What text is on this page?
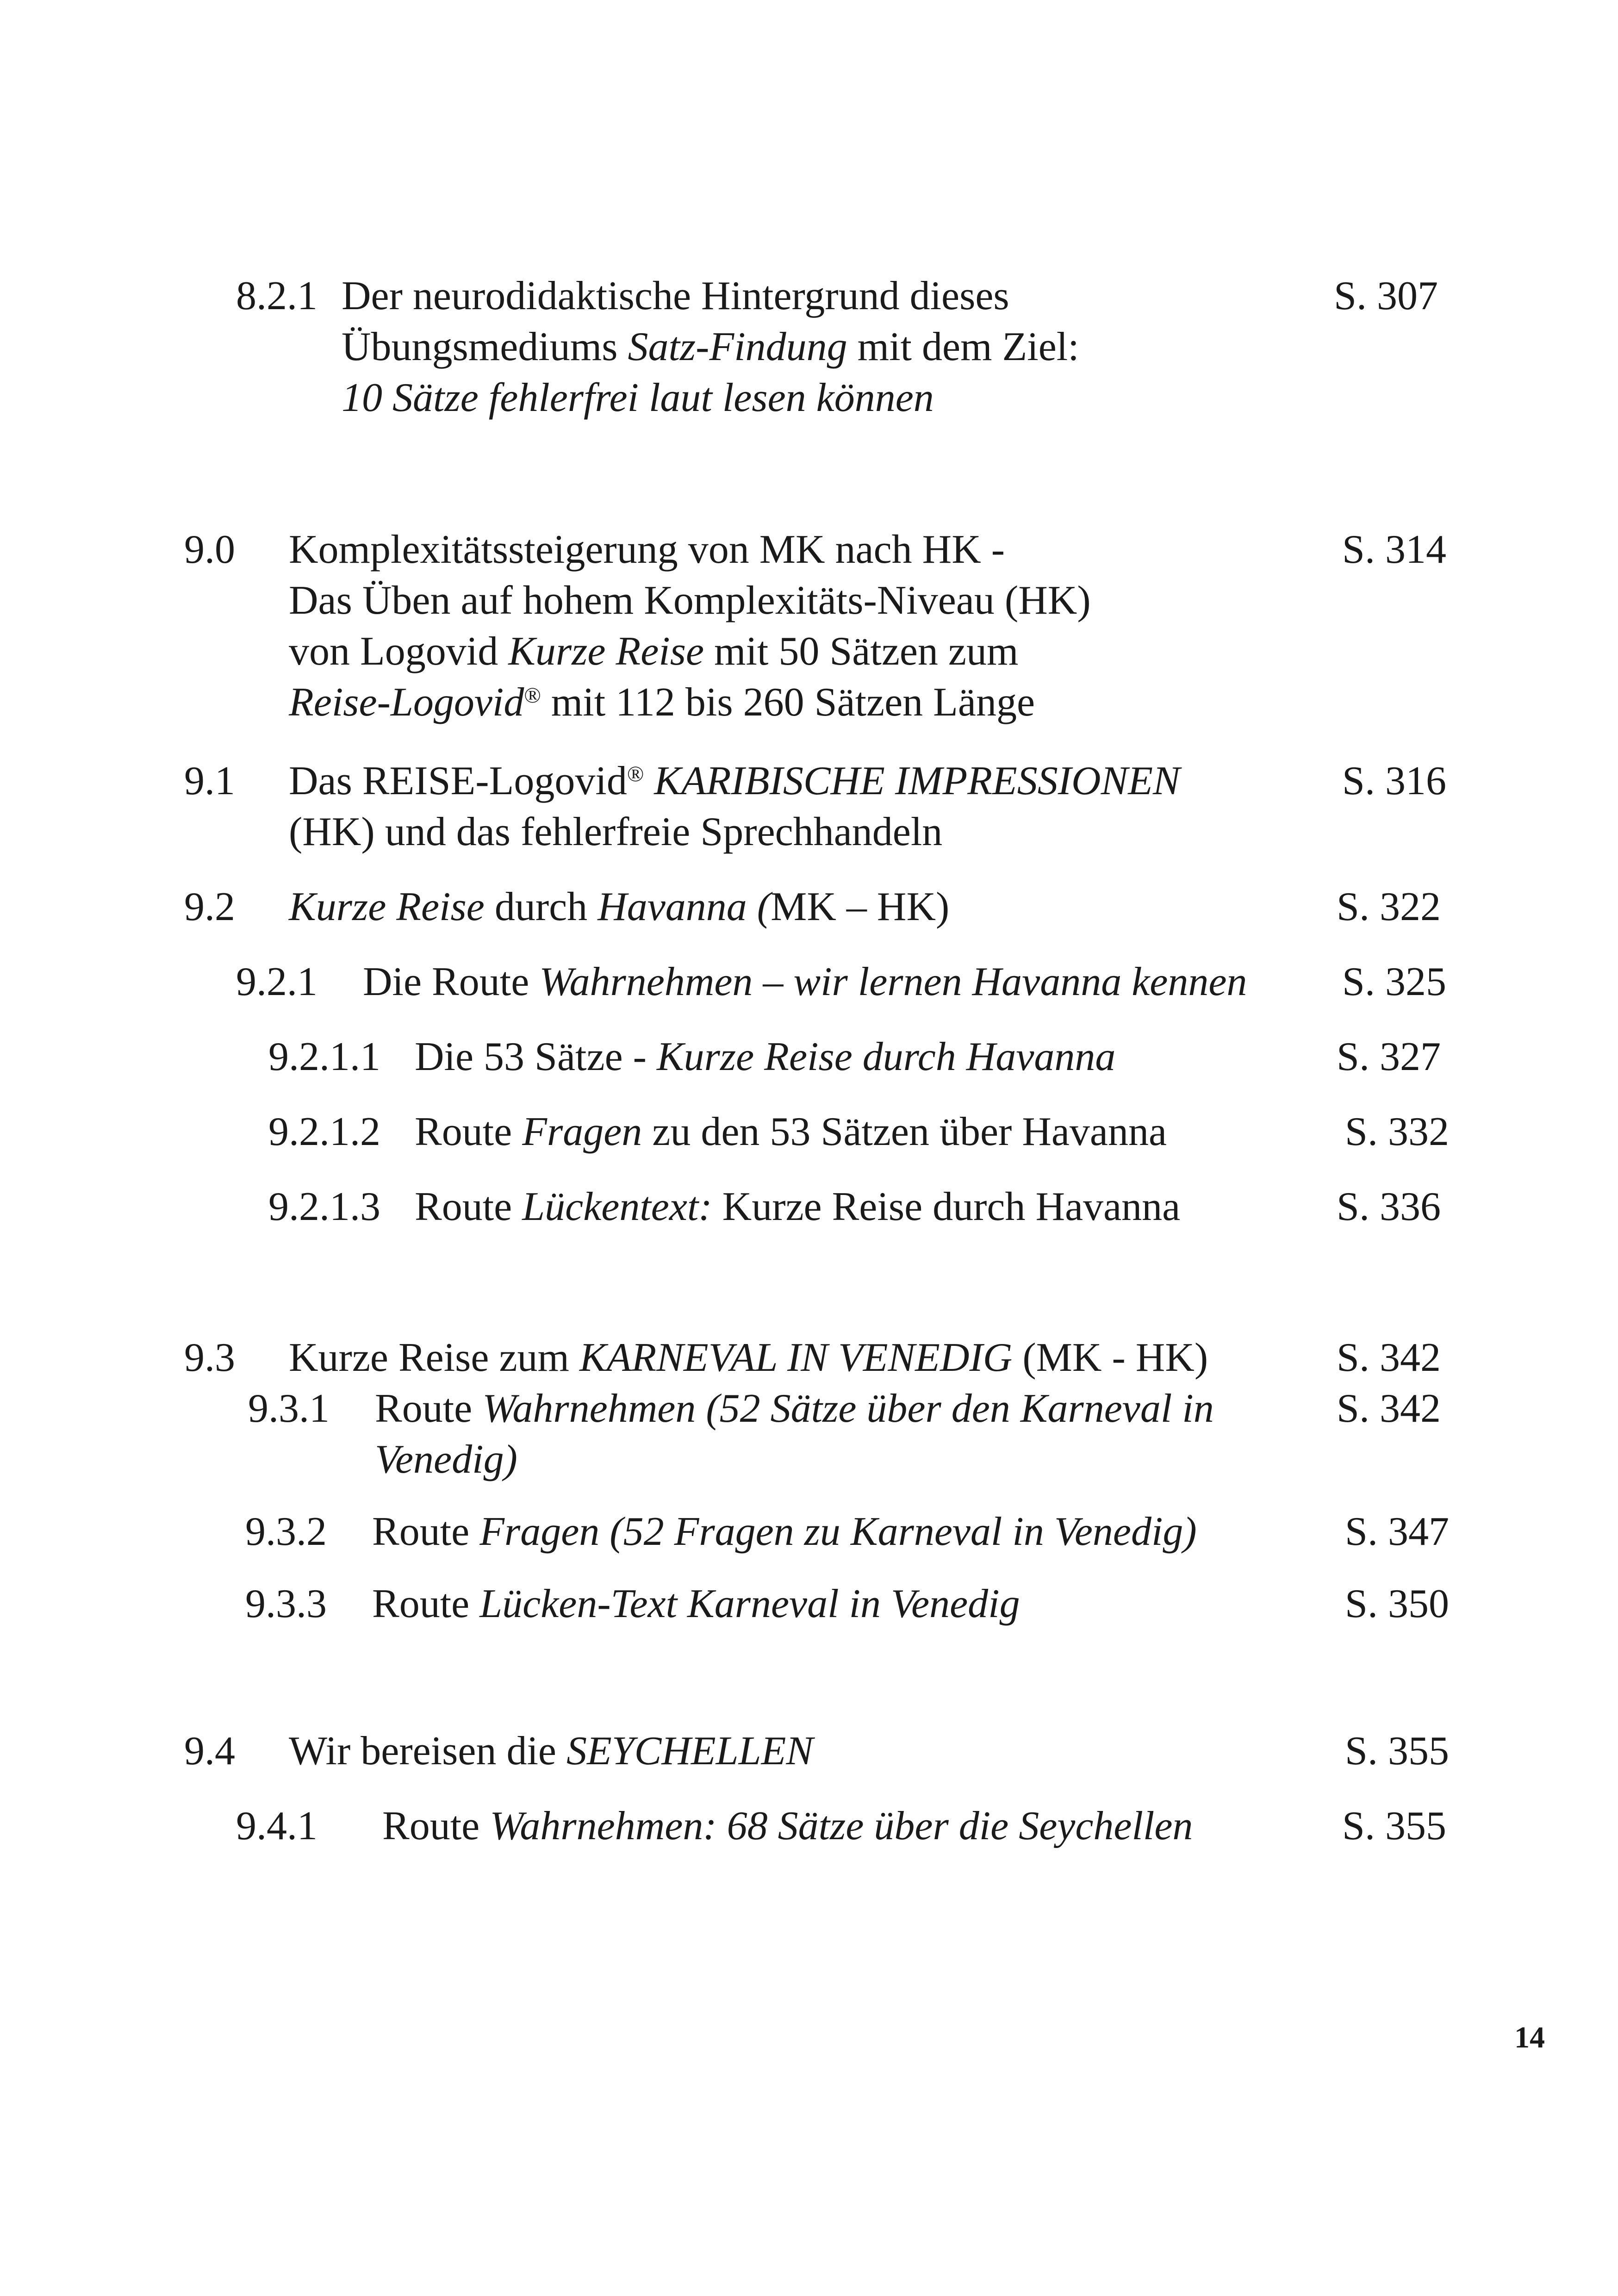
8.2.1 Der neurodidaktische Hintergrund dieses
Übungsmediums Satz-Findung mit dem Ziel:
10 Sätze fehlerfrei laut lesen können
S. 307
9.0 Komplexitätssteigerung von MK nach HK -
Das Üben auf hohem Komplexitäts-Niveau (HK)
von Logovid Kurze Reise mit 50 Sätzen zum
Reise-Logovid® mit 112 bis 260 Sätzen Länge
S. 314
9.1 Das REISE-Logovid® KARIBISCHE IMPRESSIONEN
(HK) und das fehlerfreie Sprechhandeln
S. 316
9.2 Kurze Reise durch Havanna (MK – HK)	S. 322
9.2.1 Die Route Wahrnehmen – wir lernen Havanna kennen S. 325
9.2.1.1 Die 53 Sätze - Kurze Reise durch Havanna	S. 327
9.2.1.2 Route Fragen zu den 53 Sätzen über Havanna	S. 332
9.2.1.3 Route Lückentext: Kurze Reise durch Havanna	S. 336
9.3 Kurze Reise zum KARNEVAL IN VENEDIG (MK - HK)	S. 342
9.3.1 Route Wahrnehmen (52 Sätze über den Karneval in
Venedig)
S. 342
9.3.2 Route Fragen (52 Fragen zu Karneval in Venedig)	S. 347
9.3.3 Route Lücken-Text Karneval in Venedig	S. 350
9.4 Wir bereisen die SEYCHELLEN	S. 355
9.4.1 Route Wahrnehmen: 68 Sätze über die Seychellen	S. 355
14
